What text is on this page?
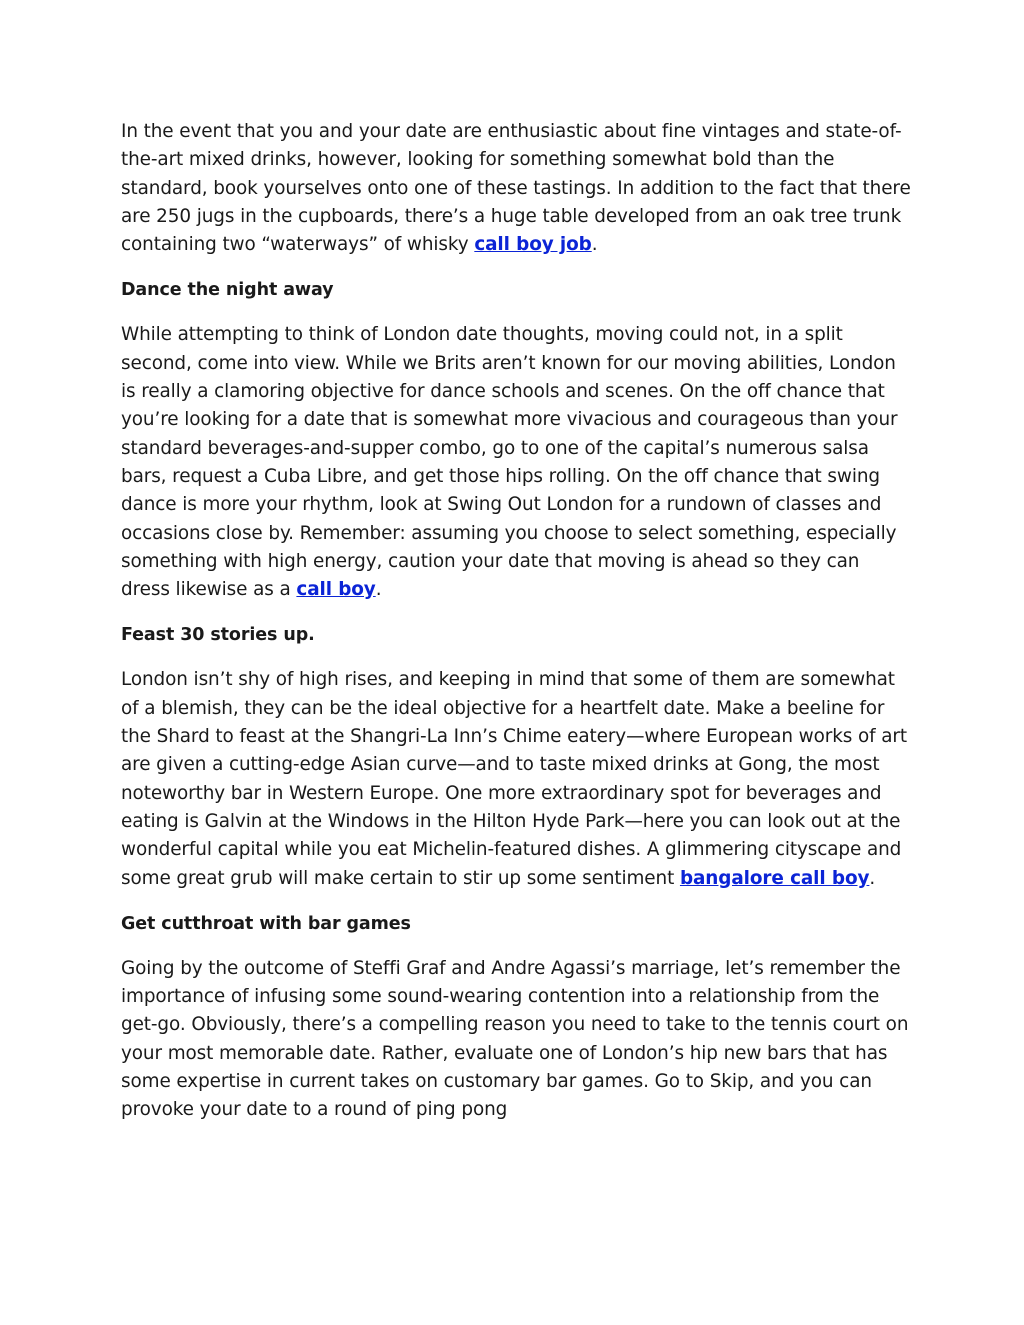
In the event that you and your date are enthusiastic about fine vintages and state-of-the-art mixed drinks, however, looking for something somewhat bold than the standard, book yourselves onto one of these tastings. In addition to the fact that there are 250 jugs in the cupboards, there’s a huge table developed from an oak tree trunk containing two “waterways” of whisky call boy job.

Dance the night away

While attempting to think of London date thoughts, moving could not, in a split second, come into view. While we Brits aren’t known for our moving abilities, London is really a clamoring objective for dance schools and scenes. On the off chance that you’re looking for a date that is somewhat more vivacious and courageous than your standard beverages-and-supper combo, go to one of the capital’s numerous salsa bars, request a Cuba Libre, and get those hips rolling. On the off chance that swing dance is more your rhythm, look at Swing Out London for a rundown of classes and occasions close by. Remember: assuming you choose to select something, especially something with high energy, caution your date that moving is ahead so they can dress likewise as a call boy.

Feast 30 stories up.

London isn’t shy of high rises, and keeping in mind that some of them are somewhat of a blemish, they can be the ideal objective for a heartfelt date. Make a beeline for the Shard to feast at the Shangri-La Inn’s Chime eatery—where European works of art are given a cutting-edge Asian curve—and to taste mixed drinks at Gong, the most noteworthy bar in Western Europe. One more extraordinary spot for beverages and eating is Galvin at the Windows in the Hilton Hyde Park—here you can look out at the wonderful capital while you eat Michelin-featured dishes. A glimmering cityscape and some great grub will make certain to stir up some sentiment bangalore call boy.

Get cutthroat with bar games

Going by the outcome of Steffi Graf and Andre Agassi’s marriage, let’s remember the importance of infusing some sound-wearing contention into a relationship from the get-go. Obviously, there’s a compelling reason you need to take to the tennis court on your most memorable date. Rather, evaluate one of London’s hip new bars that has some expertise in current takes on customary bar games. Go to Skip, and you can provoke your date to a round of ping pong
